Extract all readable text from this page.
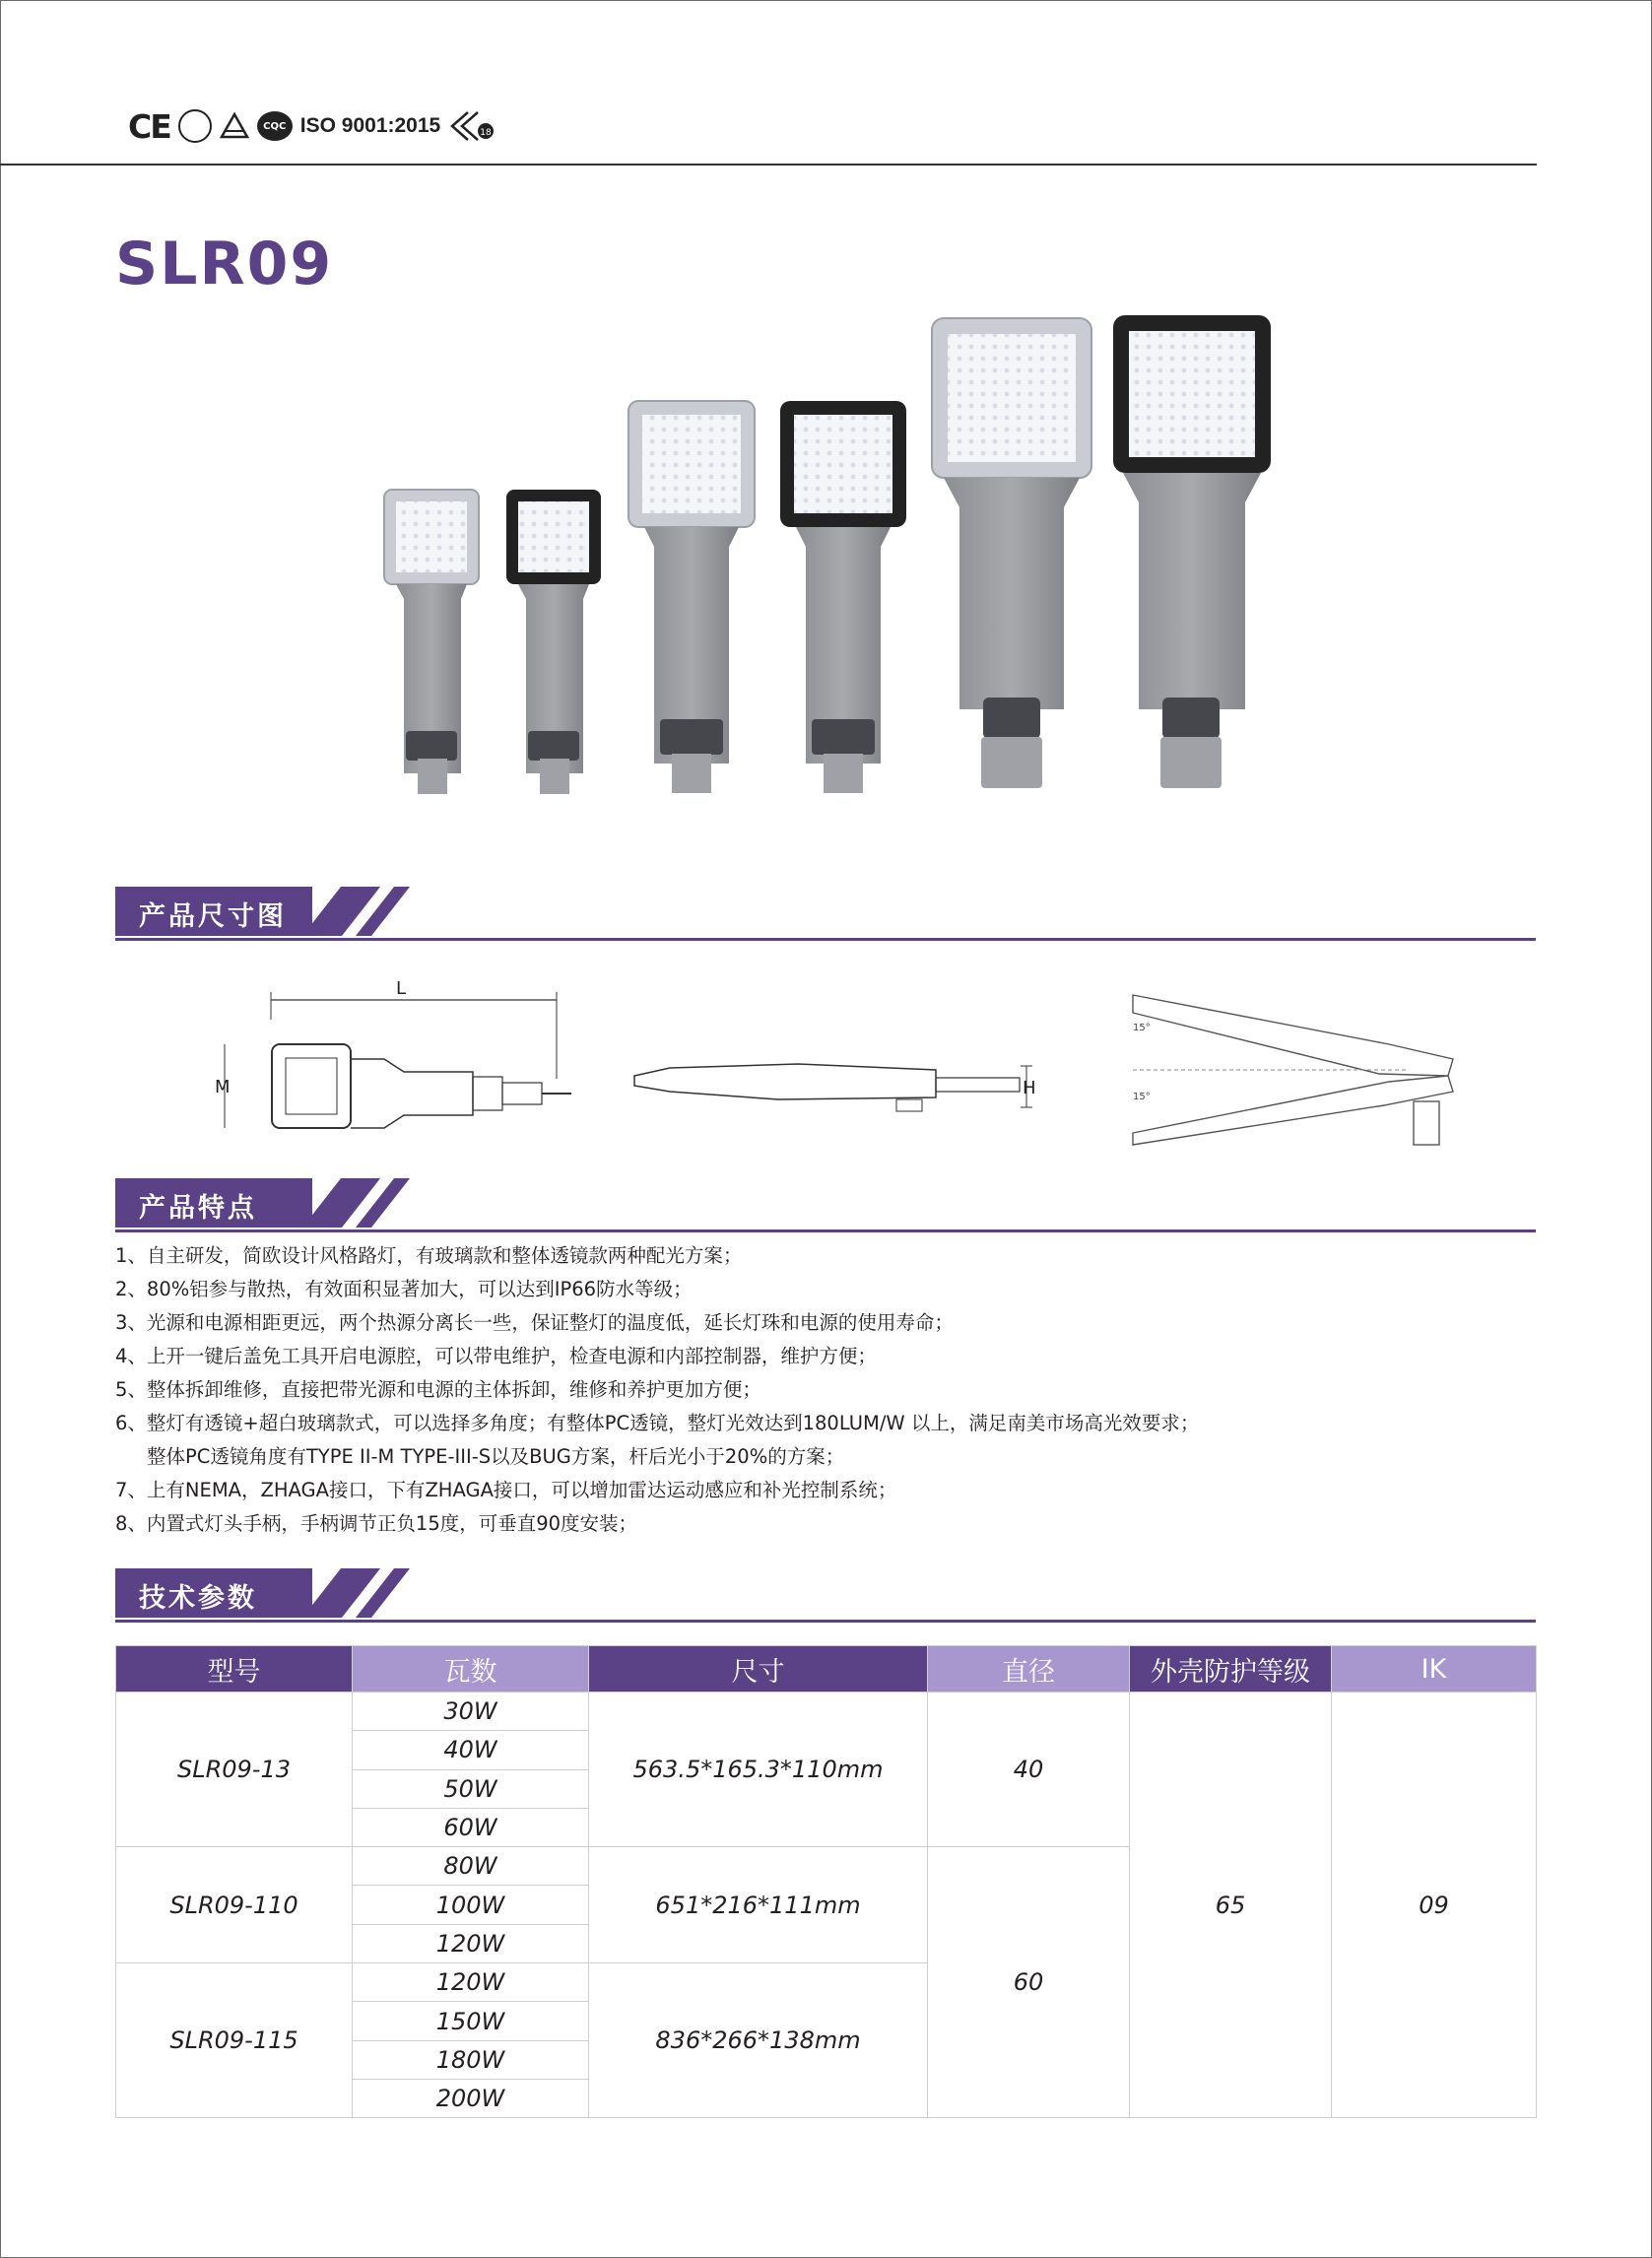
CE	CQC ISO 9001:2015	18
SLR09
产品尺寸图
L
M	H
15°
15°
产品特点
1、自主研发，简欧设计风格路灯，有玻璃款和整体透镜款两种配光方案；
2、80%铝参与散热，有效面积显著加大，可以达到IP66防水等级；
3、光源和电源相距更远，两个热源分离长一些，保证整灯的温度低，延长灯珠和电源的使用寿命；
4、上开一键后盖免工具开启电源腔，可以带电维护，检查电源和内部控制器，维护方便；
5、整体拆卸维修，直接把带光源和电源的主体拆卸，维修和养护更加方便；
6、整灯有透镜+超白玻璃款式，可以选择多角度；有整体PC透镜，整灯光效达到180LUM/W 以上，满足南美市场高光效要求；
整体PC透镜角度有TYPE II-M TYPE-III-S以及BUG方案，杆后光小于20%的方案；
7、上有NEMA，ZHAGA接口，下有ZHAGA接口，可以增加雷达运动感应和补光控制系统；
8、内置式灯头手柄，手柄调节正负15度，可垂直90度安装；
技术参数
型号	瓦数	尺寸	直径	外壳防护等级	IK
SLR09-13	30W	563.5*165.3*110mm	40	65	09
	40W				
	50W				
	60W				
SLR09-110	80W	651*216*111mm	60		
	100W				
	120W				
SLR09-115	120W	836*266*138mm			
	150W				
	180W				
	200W				
